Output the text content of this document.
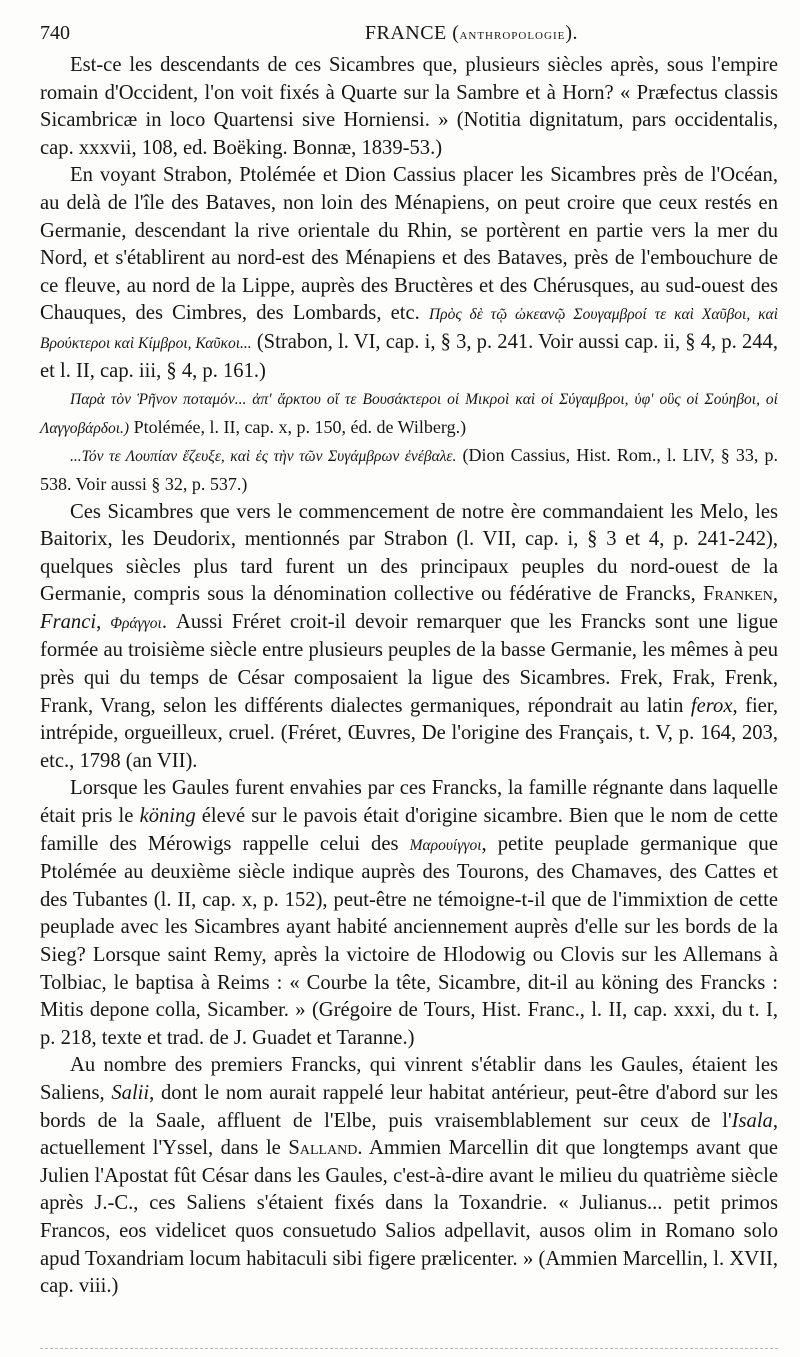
740	FRANCE (anthropologie).

Est-ce les descendants de ces Sicambres que, plusieurs siècles après, sous l'empire romain d'Occident, l'on voit fixés à Quarte sur la Sambre et à Horn? « Præfectus classis Sicambricæ in loco Quartensi sive Horniensi. » (Notitia dignitatum, pars occidentalis, cap. xxxvii, 108, ed. Boëking. Bonnæ, 1839-53.)

En voyant Strabon, Ptolémée et Dion Cassius placer les Sicambres près de l'Océan, au delà de l'île des Bataves, non loin des Ménapiens, on peut croire que ceux restés en Germanie, descendant la rive orientale du Rhin, se portèrent en partie vers la mer du Nord, et s'établirent au nord-est des Ménapiens et des Bataves, près de l'embouchure de ce fleuve, au nord de la Lippe, auprès des Bructères et des Chérusques, au sud-ouest des Chauques, des Cimbres, des Lombards, etc. Πρὸς δὲ τῷ ὠκεανῷ Σουγαμβροί τε καὶ Χαῦβοι, καὶ Βρούκτεροι καὶ Κίμβροι, Καῦκοι... (Strabon, l. VI, cap. i, § 3, p. 241. Voir aussi cap. ii, § 4, p. 244, et l. II, cap. iii, § 4, p. 161.)

Παρὰ τὸν Ῥῆνον ποταμόν... ἀπ' ἄρκτου οἵ τε Βουσάκτεροι οἱ Μικροὶ καὶ οἱ Σύγαμβροι, ὑφ' οὓς οἱ Σούηβοι, οἱ Λαγγοβάρδοι.) Ptolémée, l. II, cap. x, p. 150, éd. de Wilberg.)

...Τόν τε Λουπίαν ἔζευξε, καὶ ἐς τὴν τῶν Συγάμβρων ἐνέβαλε. (Dion Cassius, Hist. Rom., l. LIV, § 33, p. 538. Voir aussi § 32, p. 537.)

Ces Sicambres que vers le commencement de notre ère commandaient les Melo, les Baitorix, les Deudorix, mentionnés par Strabon (l. VII, cap. i, § 3 et 4, p. 241-242), quelques siècles plus tard furent un des principaux peuples du nord-ouest de la Germanie, compris sous la dénomination collective ou fédérative de Francks, Franken, Franci, Φράγγοι. Aussi Fréret croit-il devoir remarquer que les Francks sont une ligue formée au troisième siècle entre plusieurs peuples de la basse Germanie, les mêmes à peu près qui du temps de César composaient la ligue des Sicambres. Frek, Frak, Frenk, Frank, Vrang, selon les différents dialectes germaniques, répondrait au latin ferox, fier, intrépide, orgueilleux, cruel. (Fréret, Œuvres, De l'origine des Français, t. V, p. 164, 203, etc., 1798 (an VII).

Lorsque les Gaules furent envahies par ces Francks, la famille régnante dans laquelle était pris le köning élevé sur le pavois était d'origine sicambre. Bien que le nom de cette famille des Mérowigs rappelle celui des Μαρουίγγοι, petite peuplade germanique que Ptolémée au deuxième siècle indique auprès des Tourons, des Chamaves, des Cattes et des Tubantes (l. II, cap. x, p. 152), peut-être ne témoigne-t-il que de l'immixtion de cette peuplade avec les Sicambres ayant habité anciennement auprès d'elle sur les bords de la Sieg? Lorsque saint Remy, après la victoire de Hlodowig ou Clovis sur les Allemans à Tolbiac, le baptisa à Reims : « Courbe la tête, Sicambre, dit-il au köning des Francks : Mitis depone colla, Sicamber. » (Grégoire de Tours, Hist. Franc., l. II, cap. xxxi, du t. I, p. 218, texte et trad. de J. Guadet et Taranne.)

Au nombre des premiers Francks, qui vinrent s'établir dans les Gaules, étaient les Saliens, Salii, dont le nom aurait rappelé leur habitat antérieur, peut-être d'abord sur les bords de la Saale, affluent de l'Elbe, puis vraisemblablement sur ceux de l'Isala, actuellement l'Yssel, dans le Salland. Ammien Marcellin dit que longtemps avant que Julien l'Apostat fût César dans les Gaules, c'est-à-dire avant le milieu du quatrième siècle après J.-C., ces Saliens s'étaient fixés dans la Toxandrie. « Julianus... petit primos Francos, eos videlicet quos consuetudo Salios adpellavit, ausos olim in Romano solo apud Toxandriam locum habitaculi sibi figere prælicenter. » (Ammien Marcellin, l. XVII, cap. viii.)
